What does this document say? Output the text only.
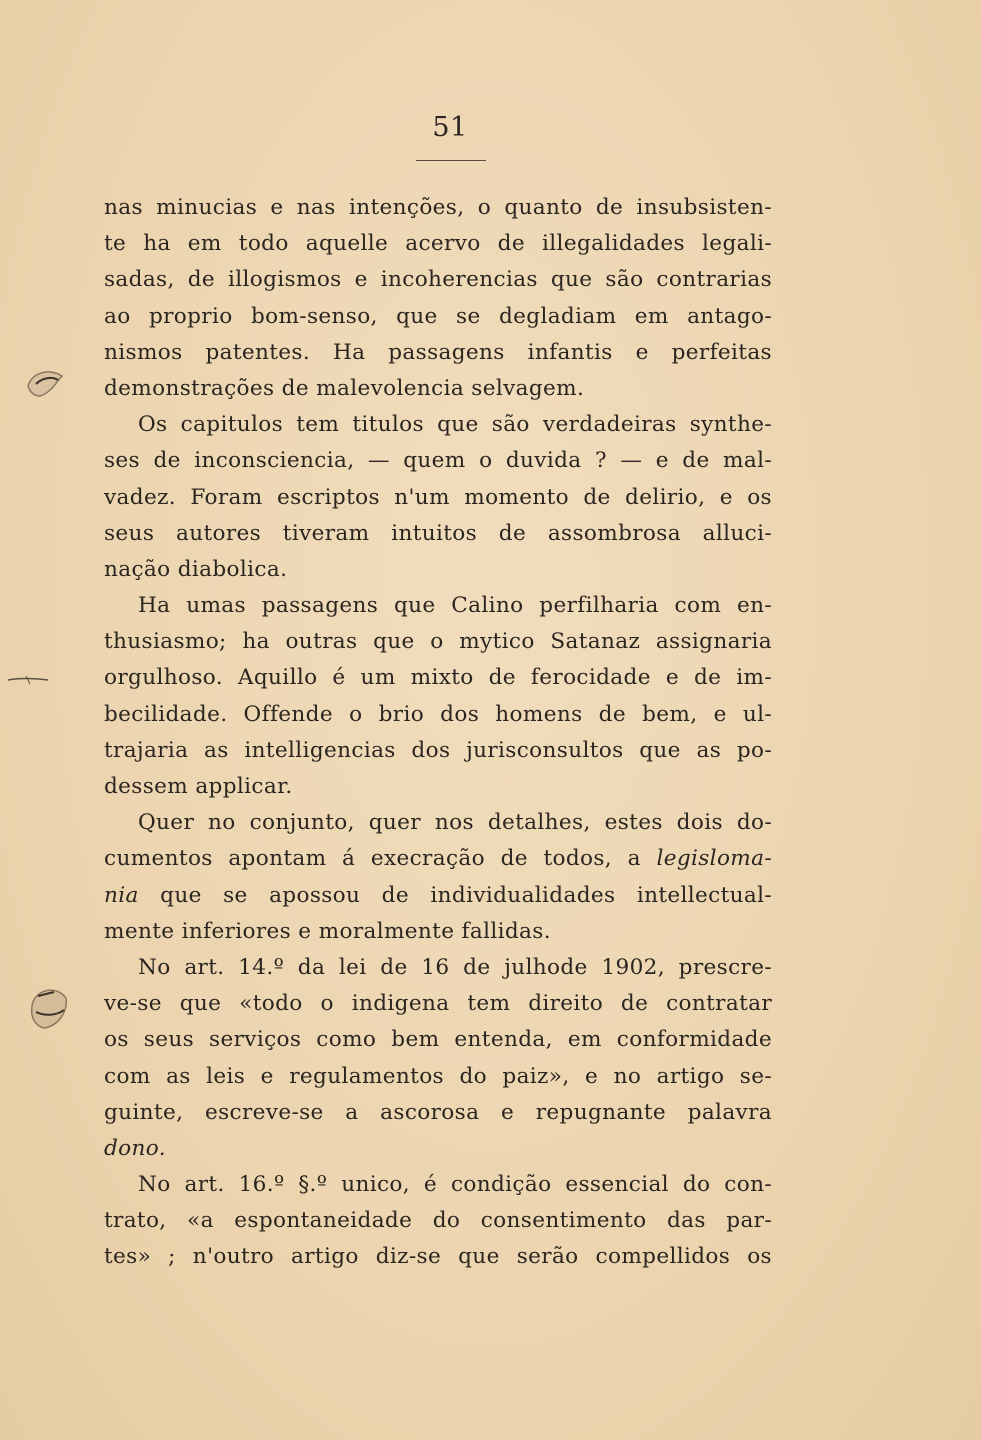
51
nas minucias e nas intenções, o quanto de insubsisten-
te ha em todo aquelle acervo de illegalidades legali-
sadas, de illogismos e incoherencias que são contrarias
ao proprio bom-senso, que se degladiam em antago-
nismos patentes. Ha passagens infantis e perfeitas
demonstrações de malevolencia selvagem.
Os capitulos tem titulos que são verdadeiras synthe-
ses de inconsciencia, — quem o duvida ? — e de mal-
vadez. Foram escriptos n'um momento de delirio, e os
seus autores tiveram intuitos de assombrosa alluci-
nação diabolica.
Ha umas passagens que Calino perfilharia com en-
thusiasmo; ha outras que o mytico Satanaz assignaria
orgulhoso. Aquillo é um mixto de ferocidade e de im-
becilidade. Offende o brio dos homens de bem, e ul-
trajaria as intelligencias dos jurisconsultos que as po-
dessem applicar.
Quer no conjunto, quer nos detalhes, estes dois do-
cumentos apontam á execração de todos, a legisloma-
nia que se apossou de individualidades intellectual-
mente inferiores e moralmente fallidas.
No art. 14.º da lei de 16 de julhode 1902, prescre-
ve-se que «todo o indigena tem direito de contratar
os seus serviços como bem entenda, em conformidade
com as leis e regulamentos do paiz», e no artigo se-
guinte, escreve-se a ascorosa e repugnante palavra
dono.
No art. 16.º §.º unico, é condição essencial do con-
trato, «a espontaneidade do consentimento das par-
tes» ; n'outro artigo diz-se que serão compellidos os
